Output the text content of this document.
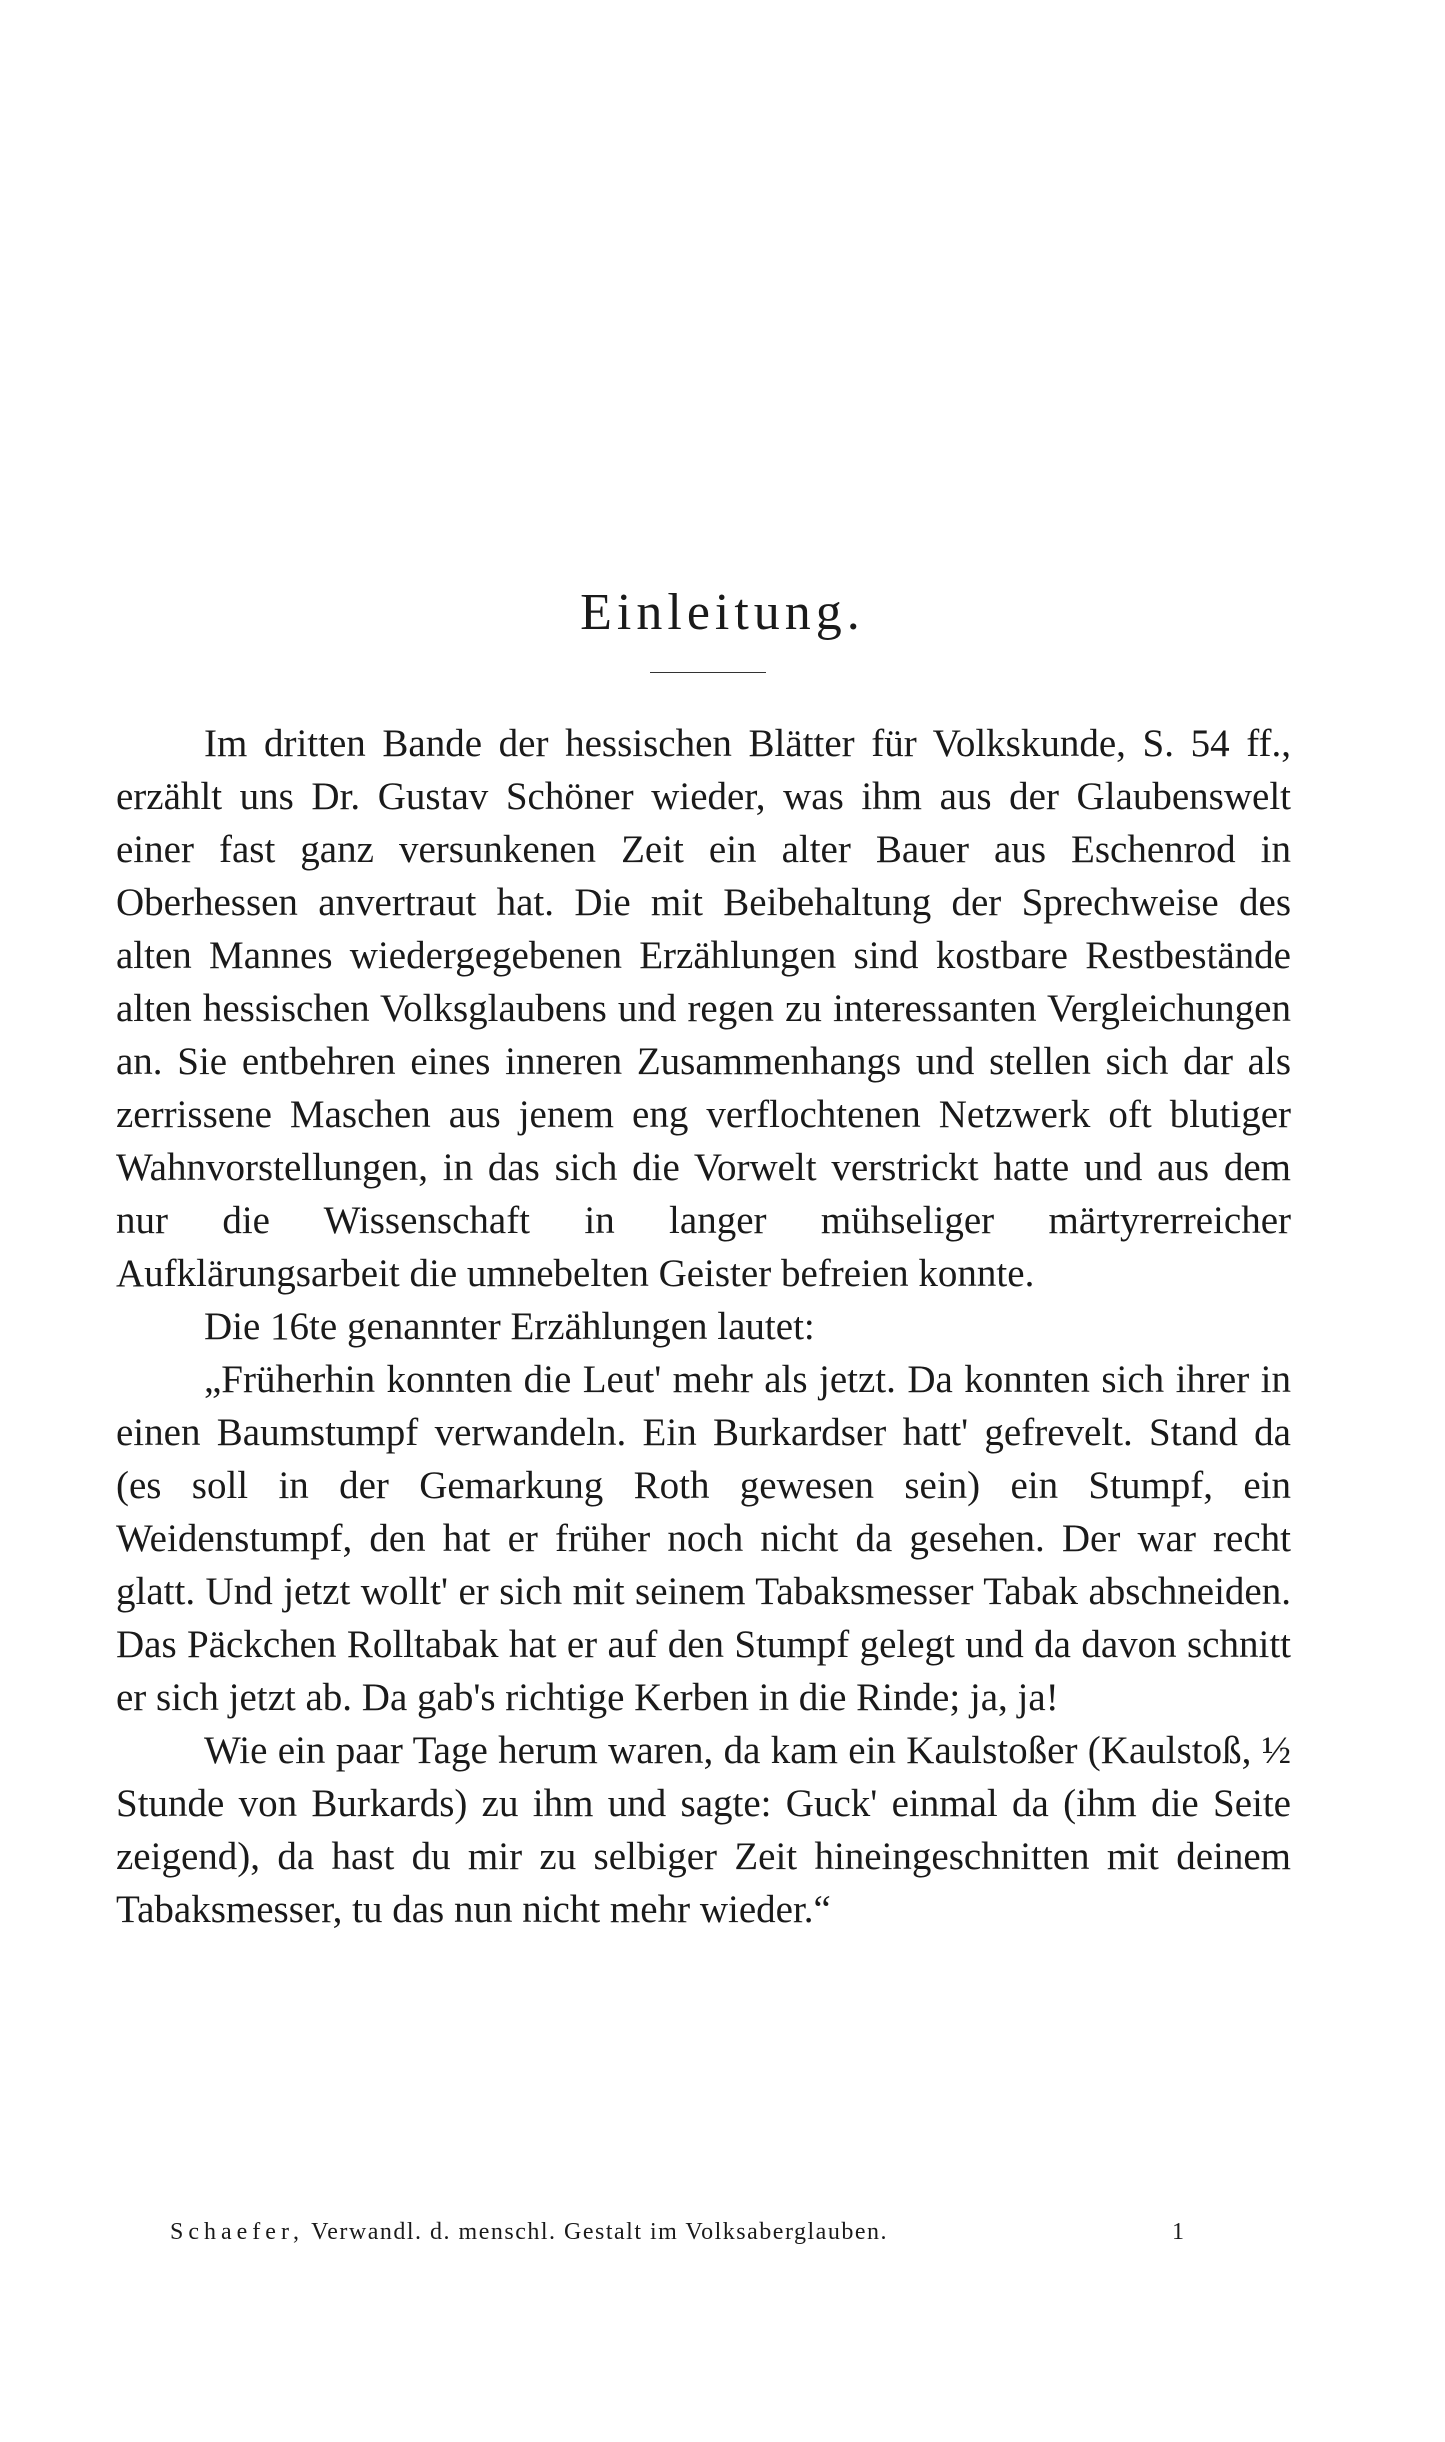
Einleitung.

Im dritten Bande der hessischen Blätter für Volkskunde, S. 54 ff., erzählt uns Dr. Gustav Schöner wieder, was ihm aus der Glaubenswelt einer fast ganz versunkenen Zeit ein alter Bauer aus Eschenrod in Oberhessen anvertraut hat. Die mit Beibehaltung der Sprechweise des alten Mannes wiedergegebenen Erzählungen sind kostbare Restbestände alten hessischen Volksglaubens und regen zu interessanten Vergleichungen an. Sie entbehren eines inneren Zusammenhangs und stellen sich dar als zerrissene Maschen aus jenem eng verflochtenen Netzwerk oft blutiger Wahnvorstellungen, in das sich die Vorwelt verstrickt hatte und aus dem nur die Wissenschaft in langer mühseliger märtyrerreicher Aufklärungsarbeit die umnebelten Geister befreien konnte.

Die 16te genannter Erzählungen lautet:

„Früherhin konnten die Leut' mehr als jetzt. Da konnten sich ihrer in einen Baumstumpf verwandeln. Ein Burkardser hatt' gefrevelt. Stand da (es soll in der Gemarkung Roth gewesen sein) ein Stumpf, ein Weidenstumpf, den hat er früher noch nicht da gesehen. Der war recht glatt. Und jetzt wollt' er sich mit seinem Tabaksmesser Tabak abschneiden. Das Päckchen Rolltabak hat er auf den Stumpf gelegt und da davon schnitt er sich jetzt ab. Da gab's richtige Kerben in die Rinde; ja, ja!

Wie ein paar Tage herum waren, da kam ein Kaulstoßer (Kaulstoß, ½ Stunde von Burkards) zu ihm und sagte: Guck' einmal da (ihm die Seite zeigend), da hast du mir zu selbiger Zeit hineingeschnitten mit deinem Tabaksmesser, tu das nun nicht mehr wieder.“

Schaefer, Verwandl. d. menschl. Gestalt im Volksaberglauben.	1
